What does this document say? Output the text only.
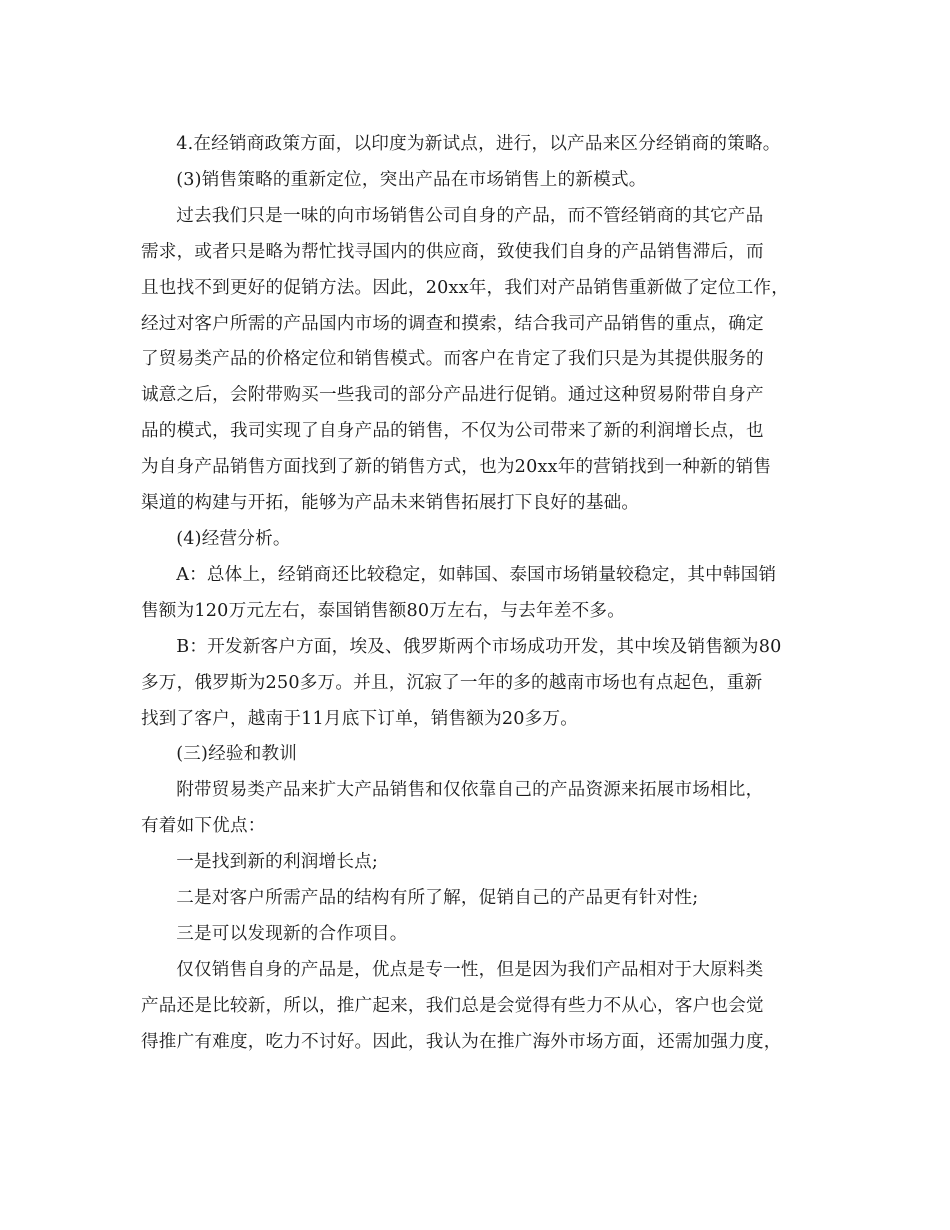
4.在经销商政策方面，以印度为新试点，进行，以产品来区分经销商的策略。
(3)销售策略的重新定位，突出产品在市场销售上的新模式。
过去我们只是一味的向市场销售公司自身的产品，而不管经销商的其它产品
需求，或者只是略为帮忙找寻国内的供应商，致使我们自身的产品销售滞后，而
且也找不到更好的促销方法。因此，20xx年，我们对产品销售重新做了定位工作，
经过对客户所需的产品国内市场的调查和摸索，结合我司产品销售的重点，确定
了贸易类产品的价格定位和销售模式。而客户在肯定了我们只是为其提供服务的
诚意之后，会附带购买一些我司的部分产品进行促销。通过这种贸易附带自身产
品的模式，我司实现了自身产品的销售，不仅为公司带来了新的利润增长点，也
为自身产品销售方面找到了新的销售方式，也为20xx年的营销找到一种新的销售
渠道的构建与开拓，能够为产品未来销售拓展打下良好的基础。
(4)经营分析。
A：总体上，经销商还比较稳定，如韩国、泰国市场销量较稳定，其中韩国销
售额为120万元左右，泰国销售额80万左右，与去年差不多。
B：开发新客户方面，埃及、俄罗斯两个市场成功开发，其中埃及销售额为80
多万，俄罗斯为250多万。并且，沉寂了一年的多的越南市场也有点起色，重新
找到了客户，越南于11月底下订单，销售额为20多万。
(三)经验和教训
附带贸易类产品来扩大产品销售和仅依靠自己的产品资源来拓展市场相比，
有着如下优点：
一是找到新的利润增长点;
二是对客户所需产品的结构有所了解，促销自己的产品更有针对性;
三是可以发现新的合作项目。
仅仅销售自身的产品是，优点是专一性，但是因为我们产品相对于大原料类
产品还是比较新，所以，推广起来，我们总是会觉得有些力不从心，客户也会觉
得推广有难度，吃力不讨好。因此，我认为在推广海外市场方面，还需加强力度，
